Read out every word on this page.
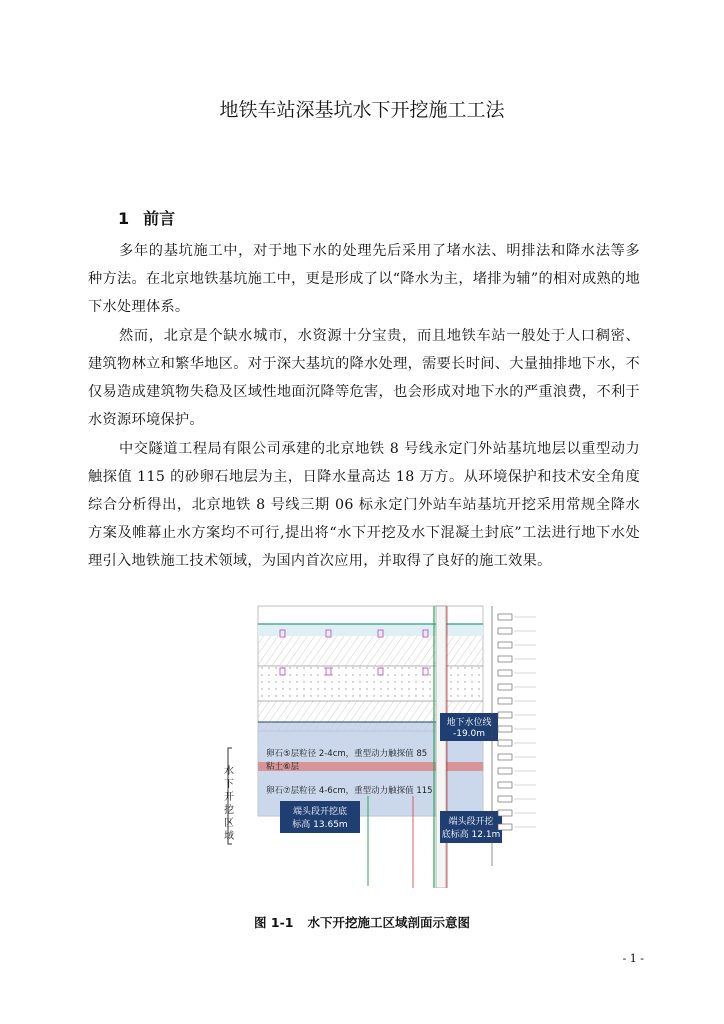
地铁车站深基坑水下开挖施工工法
1 前言

多年的基坑施工中，对于地下水的处理先后采用了堵水法、明排法和降水法等多种方法。在北京地铁基坑施工中，更是形成了以“降水为主，堵排为辅”的相对成熟的地下水处理体系。

然而，北京是个缺水城市，水资源十分宝贵，而且地铁车站一般处于人口稠密、建筑物林立和繁华地区。对于深大基坑的降水处理，需要长时间、大量抽排地下水，不仅易造成建筑物失稳及区域性地面沉降等危害，也会形成对地下水的严重浪费，不利于水资源环境保护。

中交隧道工程局有限公司承建的北京地铁 8 号线永定门外站基坑地层以重型动力触探值 115 的砂卵石地层为主，日降水量高达 18 万方。从环境保护和技术安全角度综合分析得出，北京地铁 8 号线三期 06 标永定门外站车站基坑开挖采用常规全降水方案及帷幕止水方案均不可行,提出将“水下开挖及水下混凝土封底”工法进行地下水处理引入地铁施工技术领域，为国内首次应用，并取得了良好的施工效果。

水下开挖区域
卵石⑤层粒径 2-4cm，重型动力触探值 85
粘土⑥层
卵石⑦层粒径 4-6cm，重型动力触探值 115
地下水位线
-19.0m
端头段开挖底
标高 13.65m	端头段开挖
底标高 12.1m
图 1-1 水下开挖施工区域剖面示意图
- 1 -
